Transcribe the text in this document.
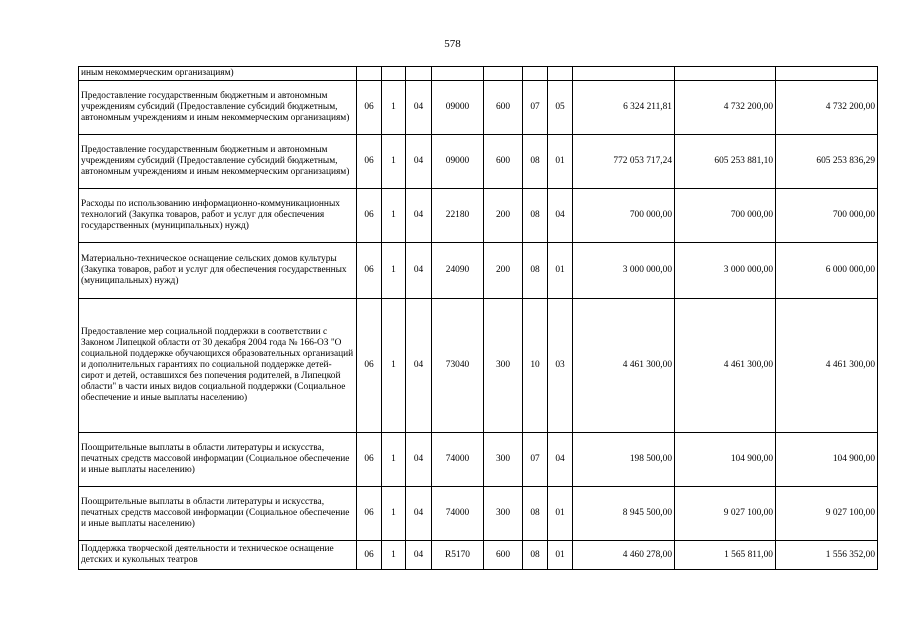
578
иным некоммерческим организациям)										
Предоставление государственным бюджетным и автономным учреждениям субсидий (Предоставление субсидий бюджетным, автономным учреждениям и иным некоммерческим организациям)	06	1	04	09000	600	07	05	6 324 211,81	4 732 200,00	4 732 200,00
Предоставление государственным бюджетным и автономным учреждениям субсидий (Предоставление субсидий бюджетным, автономным учреждениям и иным некоммерческим организациям)	06	1	04	09000	600	08	01	772 053 717,24	605 253 881,10	605 253 836,29
Расходы по использованию информационно-коммуникационных технологий (Закупка товаров, работ и услуг для обеспечения государственных (муниципальных) нужд)	06	1	04	22180	200	08	04	700 000,00	700 000,00	700 000,00
Материально-техническое оснащение сельских домов культуры (Закупка товаров, работ и услуг для обеспечения государственных (муниципальных) нужд)	06	1	04	24090	200	08	01	3 000 000,00	3 000 000,00	6 000 000,00
Предоставление мер социальной поддержки в соответствии с Законом Липецкой области от 30 декабря 2004 года № 166-ОЗ "О социальной поддержке обучающихся образовательных организаций и дополнительных гарантиях по социальной поддержке детей-сирот и детей, оставшихся без попечения родителей, в Липецкой области" в части иных видов социальной поддержки (Социальное обеспечение и иные выплаты населению)	06	1	04	73040	300	10	03	4 461 300,00	4 461 300,00	4 461 300,00
Поощрительные выплаты в области литературы и искусства, печатных средств массовой информации (Социальное обеспечение и иные выплаты населению)	06	1	04	74000	300	07	04	198 500,00	104 900,00	104 900,00
Поощрительные выплаты в области литературы и искусства, печатных средств массовой информации (Социальное обеспечение и иные выплаты населению)	06	1	04	74000	300	08	01	8 945 500,00	9 027 100,00	9 027 100,00
Поддержка творческой деятельности и техническое оснащение детских и кукольных театров	06	1	04	R5170	600	08	01	4 460 278,00	1 565 811,00	1 556 352,00
